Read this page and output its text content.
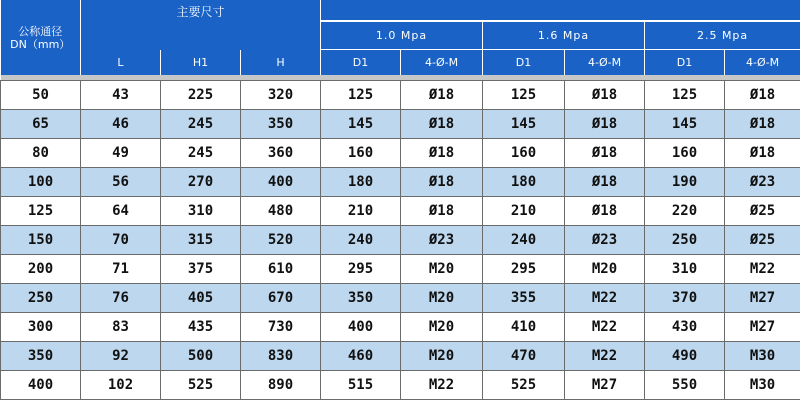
公称通径
DN（mm）	主要尺寸								
				1.0 Mpa		1.6 Mpa		2.5 Mpa	
	L	H1	H	D1	4-Ø-M	D1	4-Ø-M	D1	4-Ø-M

50	43	225	320	125	Ø18	125	Ø18	125	Ø18
65	46	245	350	145	Ø18	145	Ø18	145	Ø18
80	49	245	360	160	Ø18	160	Ø18	160	Ø18
100	56	270	400	180	Ø18	180	Ø18	190	Ø23
125	64	310	480	210	Ø18	210	Ø18	220	Ø25
150	70	315	520	240	Ø23	240	Ø23	250	Ø25
200	71	375	610	295	M20	295	M20	310	M22
250	76	405	670	350	M20	355	M22	370	M27
300	83	435	730	400	M20	410	M22	430	M27
350	92	500	830	460	M20	470	M22	490	M30
400	102	525	890	515	M22	525	M27	550	M30
